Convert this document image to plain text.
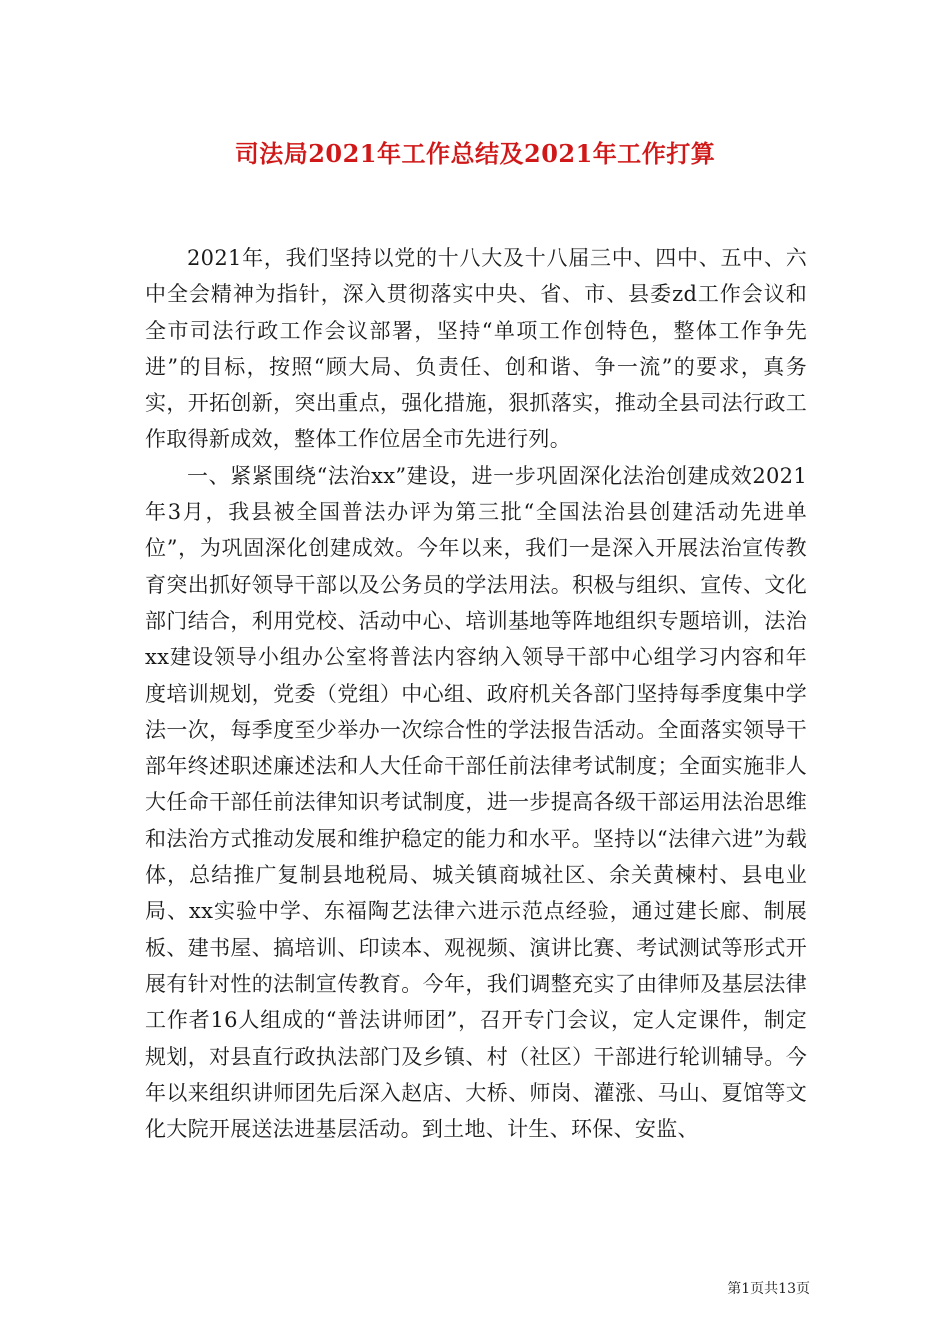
司法局2021年工作总结及2021年工作打算

2021年，我们坚持以党的十八大及十八届三中、四中、五中、六中全会精神为指针，深入贯彻落实中央、省、市、县委zd工作会议和全市司法行政工作会议部署，坚持“单项工作创特色，整体工作争先进”的目标，按照“顾大局、负责任、创和谐、争一流”的要求，真务实，开拓创新，突出重点，强化措施，狠抓落实，推动全县司法行政工作取得新成效，整体工作位居全市先进行列。

一、紧紧围绕“法治xx”建设，进一步巩固深化法治创建成效2021年3月，我县被全国普法办评为第三批“全国法治县创建活动先进单位”，为巩固深化创建成效。今年以来，我们一是深入开展法治宣传教育突出抓好领导干部以及公务员的学法用法。积极与组织、宣传、文化部门结合，利用党校、活动中心、培训基地等阵地组织专题培训，法治xx建设领导小组办公室将普法内容纳入领导干部中心组学习内容和年度培训规划，党委（党组）中心组、政府机关各部门坚持每季度集中学法一次，每季度至少举办一次综合性的学法报告活动。全面落实领导干部年终述职述廉述法和人大任命干部任前法律考试制度；全面实施非人大任命干部任前法律知识考试制度，进一步提高各级干部运用法治思维和法治方式推动发展和维护稳定的能力和水平。坚持以“法律六进”为载体，总结推广复制县地税局、城关镇商城社区、余关黄楝村、县电业局、xx实验中学、东福陶艺法律六进示范点经验，通过建长廊、制展板、建书屋、搞培训、印读本、观视频、演讲比赛、考试测试等形式开展有针对性的法制宣传教育。今年，我们调整充实了由律师及基层法律工作者16人组成的“普法讲师团”，召开专门会议，定人定课件，制定规划，对县直行政执法部门及乡镇、村（社区）干部进行轮训辅导。今年以来组织讲师团先后深入赵店、大桥、师岗、灌涨、马山、夏馆等文化大院开展送法进基层活动。到土地、计生、环保、安监、

第1页共13页
